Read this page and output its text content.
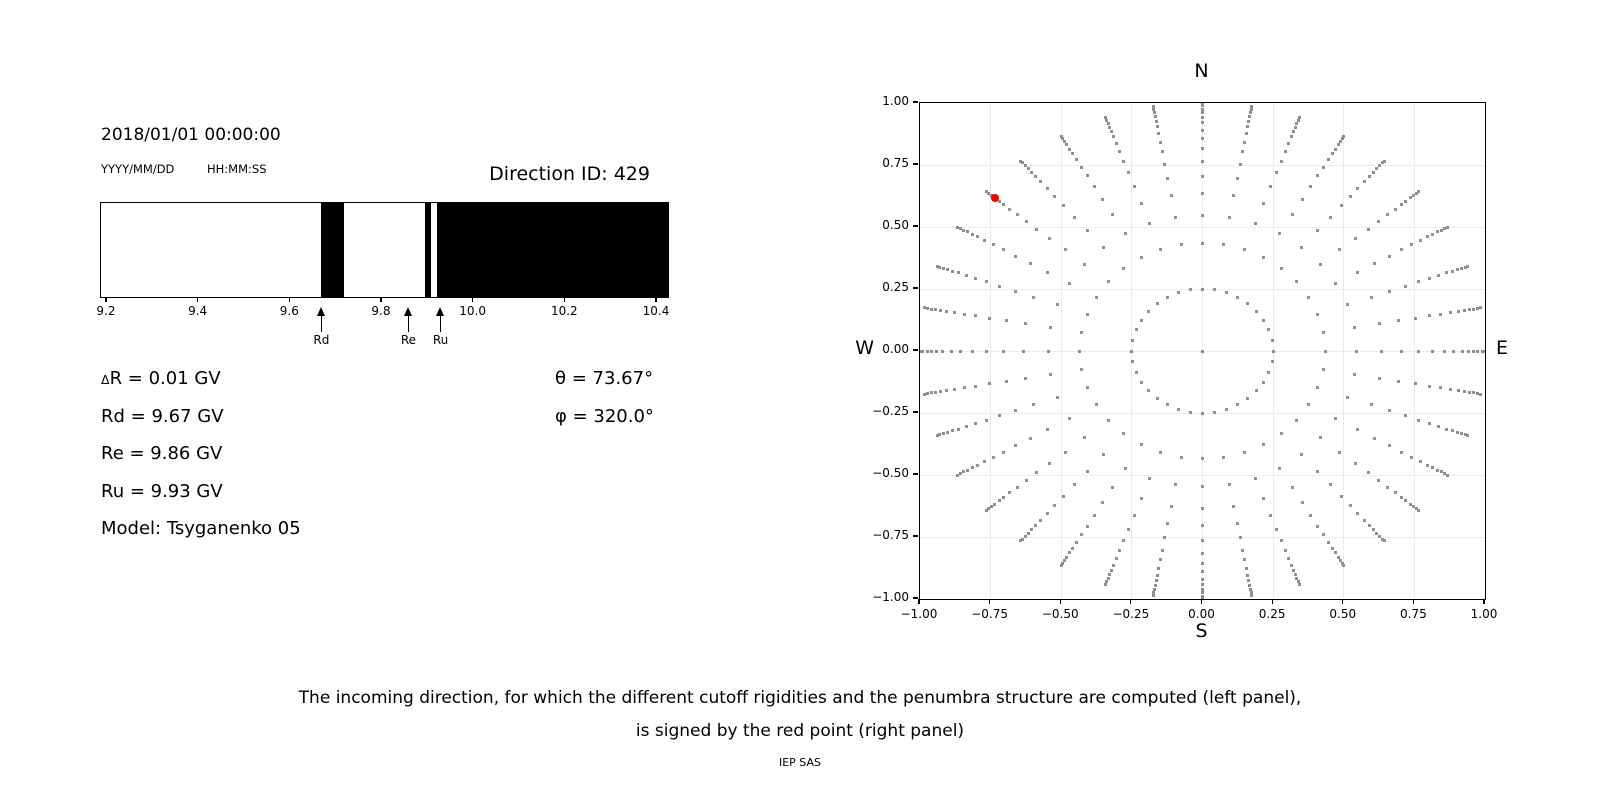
2018/01/01 00:00:00
YYYY/MM/DD	HH:MM:SS	Direction ID: 429
ΔR = 0.01 GV
Rd = 9.67 GV
Re = 9.86 GV
Ru = 9.93 GV
Model: Tsyganenko 05
θ = 73.67°
φ = 320.0°
N
S
W	E
9.2	9.4	9.6	9.8	10.0	10.2	10.4
Rd	Re	Ru
−1.00	−0.75	−0.50	−0.25	0.00	0.25	0.50	0.75	1.00
1.00
0.75
0.50
0.25
0.00
−0.25
−0.50
−0.75
−1.00
The incoming direction, for which the different cutoff rigidities and the penumbra structure are computed (left panel),
is signed by the red point (right panel)
IEP SAS
